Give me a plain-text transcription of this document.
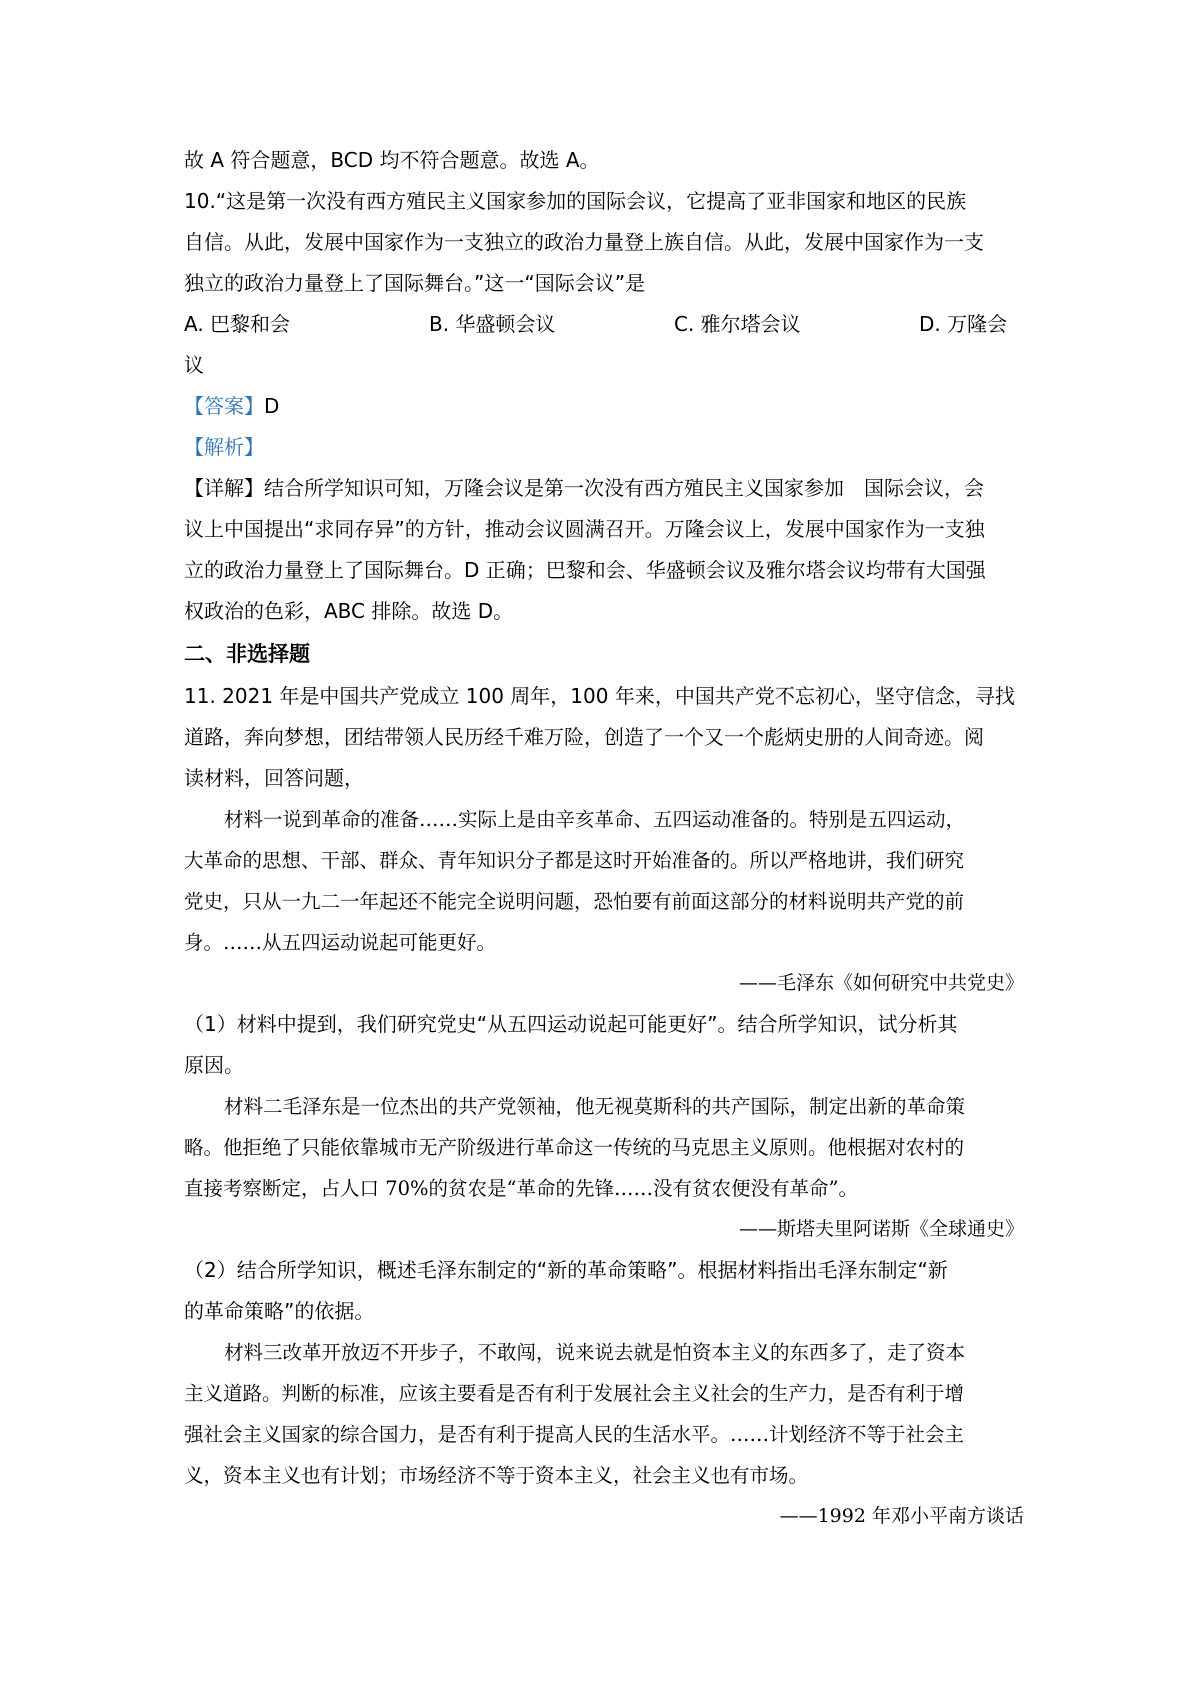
故 A 符合题意，BCD 均不符合题意。故选 A。
10.“这是第一次没有西方殖民主义国家参加的国际会议，它提高了亚非国家和地区的民族
自信。从此，发展中国家作为一支独立的政治力量登上族自信。从此，发展中国家作为一支
独立的政治力量登上了国际舞台。”这一“国际会议”是
A. 巴黎和会	B. 华盛顿会议	C. 雅尔塔会议	D. 万隆会
议
【答案】D
【解析】
【详解】结合所学知识可知，万隆会议是第一次没有西方殖民主义国家参加　国际会议，会
议上中国提出“求同存异”的方针，推动会议圆满召开。万隆会议上，发展中国家作为一支独
立的政治力量登上了国际舞台。D 正确；巴黎和会、华盛顿会议及雅尔塔会议均带有大国强
权政治的色彩，ABC 排除。故选 D。
二、非选择题
11. 2021 年是中国共产党成立 100 周年，100 年来，中国共产党不忘初心，坚守信念，寻找
道路，奔向梦想，团结带领人民历经千难万险，创造了一个又一个彪炳史册的人间奇迹。阅
读材料，回答问题，
材料一说到革命的准备……实际上是由辛亥革命、五四运动准备的。特别是五四运动，
大革命的思想、干部、群众、青年知识分子都是这时开始准备的。所以严格地讲，我们研究
党史，只从一九二一年起还不能完全说明问题，恐怕要有前面这部分的材料说明共产党的前
身。……从五四运动说起可能更好。
——毛泽东《如何研究中共党史》
（1）材料中提到，我们研究党史“从五四运动说起可能更好”。结合所学知识，试分析其
原因。
材料二毛泽东是一位杰出的共产党领袖，他无视莫斯科的共产国际，制定出新的革命策
略。他拒绝了只能依靠城市无产阶级进行革命这一传统的马克思主义原则。他根据对农村的
直接考察断定，占人口 70%的贫农是“革命的先锋……没有贫农便没有革命”。
——斯塔夫里阿诺斯《全球通史》
（2）结合所学知识，概述毛泽东制定的“新的革命策略”。根据材料指出毛泽东制定“新
的革命策略”的依据。
材料三改革开放迈不开步子，不敢闯，说来说去就是怕资本主义的东西多了，走了资本
主义道路。判断的标准，应该主要看是否有利于发展社会主义社会的生产力，是否有利于增
强社会主义国家的综合国力，是否有利于提高人民的生活水平。……计划经济不等于社会主
义，资本主义也有计划；市场经济不等于资本主义，社会主义也有市场。
——1992 年邓小平南方谈话
